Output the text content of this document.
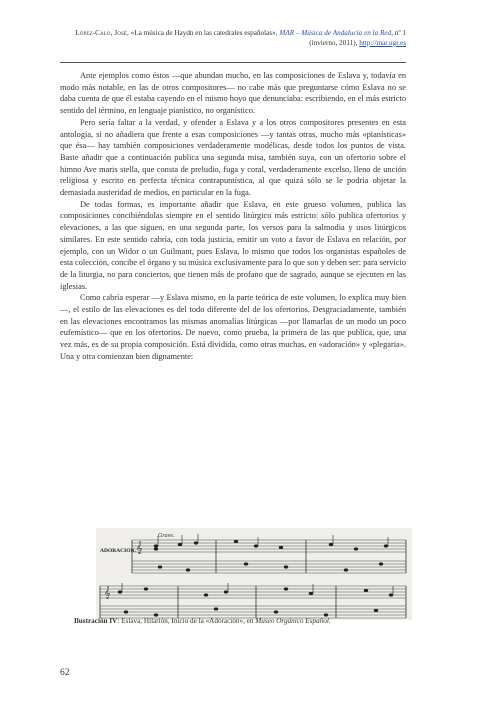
López-Calo, José, «La música de Haydn en las catedrales españolas», MAR – Música de Andalucía en la Red, nº 1 (invierno, 2011), http://mar.ugr.es

Ante ejemplos como éstos —que abundan mucho, en las composiciones de Eslava y, todavía en modo más notable, en las de otros compositores— no cabe más que preguntarse cómo Eslava no se daba cuenta de que él estaba cayendo en el mismo hoyo que denunciaba: escribiendo, en el más estricto sentido del término, en lenguaje pianístico, no organístico.

Pero sería faltar a la verdad, y ofender a Eslava y a los otros compositores presentes en esta antología, si no añadiera que frente a esas composiciones —y tantas otras, mucho más «pianísticas» que ésa— hay también composiciones verdaderamente modélicas, desde todos los puntos de vista. Baste añadir que a continuación publica una segunda misa, también suya, con un ofertorio sobre el himno Ave maris stella, que consta de preludio, fuga y coral, verdaderamente excelso, lleno de unción religiosa y escrito en perfecta técnica contrapuntística, al que quizá sólo se le podría objetar la demasiada austeridad de medios, en particular en la fuga.

De todas formas, es importante añadir que Eslava, en este grueso volumen, publica las composiciones concibiéndolas siempre en el sentido litúrgico más estricto: sólo publica ofertorios y elevaciones, a las que siguen, en una segunda parte, los versos para la salmodia y usos litúrgicos similares. En este sentido cabría, con toda justicia, emitir un voto a favor de Eslava en relación, por ejemplo, con un Widor o un Guilmant, pues Eslava, lo mismo que todos los organistas españoles de esta colección, concibe el órgano y su música exclusivamente para lo que son y deben ser: para servicio de la liturgia, no para conciertos, que tienen más de profano que de sagrado, aunque se ejecuten en las iglesias.

Como cabría esperar —y Eslava mismo, en la parte teórica de este volumen, lo explica muy bien—, el estilo de las elevaciones es del todo diferente del de los ofertorios. Desgraciadamente, también en las elevaciones encontramos las mismas anomalías litúrgicas —por llamarlas de un modo un poco eufemístico— que en los ofertorios. De nuevo, como prueba, la primera de las que publica, que, una vez más, es de su propia composición. Está dividida, como otras muchas, en «adoración» y «plegaria». Una y otra comienzan bien dignamente:

Grave.
ADORACION. 𝄞
𝄞
Ilustración IV: Eslava, Hilarión, Inicio de la «Adoración», en Museo Orgánico Español.
62
